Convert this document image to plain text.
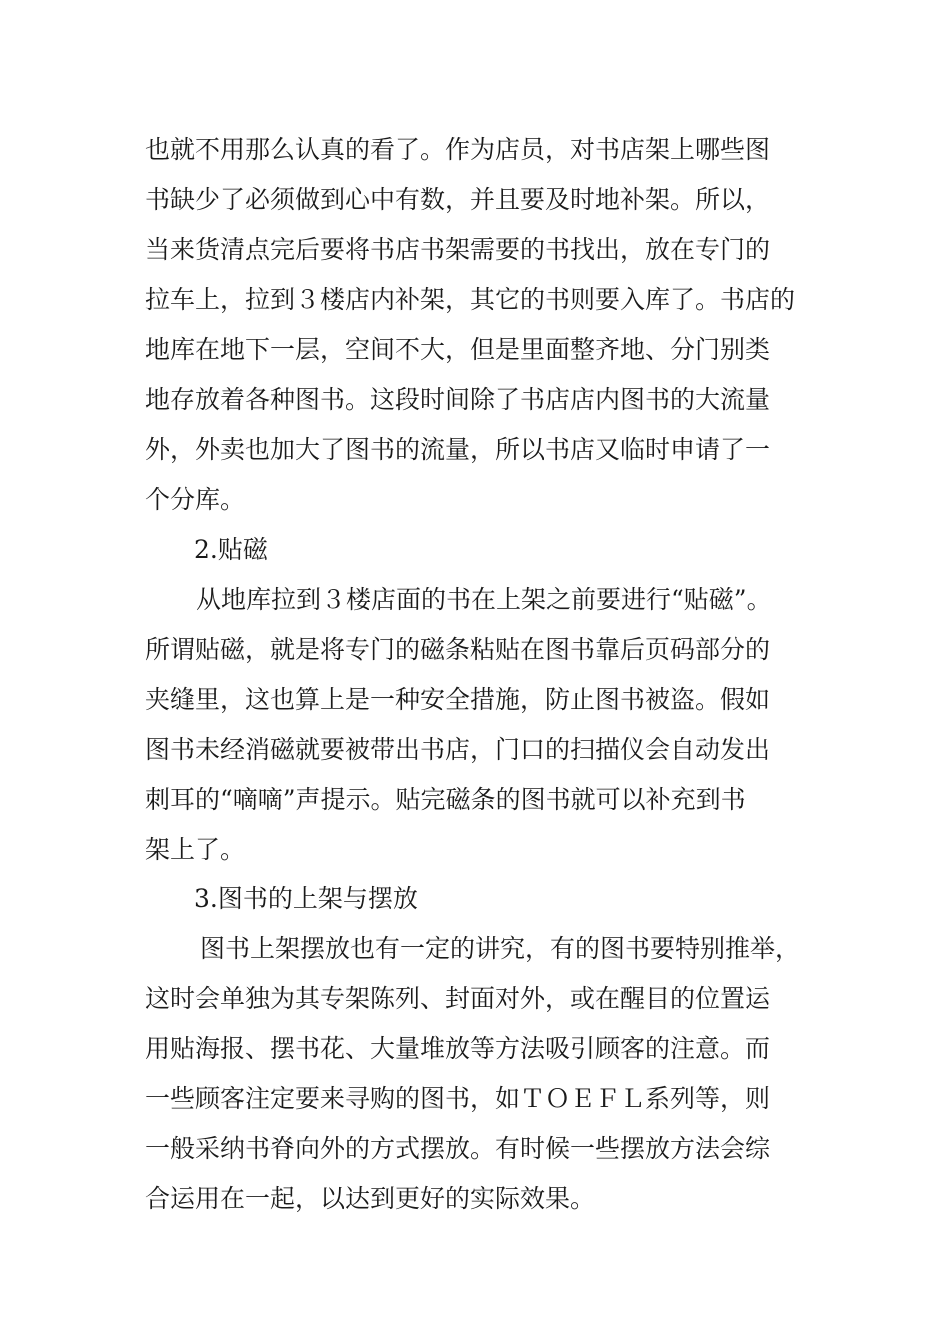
也就不用那么认真的看了。作为店员，对书店架上哪些图
书缺少了必须做到心中有数，并且要及时地补架。所以，
当来货清点完后要将书店书架需要的书找出，放在专门的
拉车上，拉到３楼店内补架，其它的书则要入库了。书店的
地库在地下一层，空间不大，但是里面整齐地、分门别类
地存放着各种图书。这段时间除了书店店内图书的大流量
外，外卖也加大了图书的流量，所以书店又临时申请了一
个分库。
2.贴磁
从地库拉到３楼店面的书在上架之前要进行“贴磁”。
所谓贴磁，就是将专门的磁条粘贴在图书靠后页码部分的
夹缝里，这也算上是一种安全措施，防止图书被盗。假如
图书未经消磁就要被带出书店，门口的扫描仪会自动发出
刺耳的“嘀嘀”声提示。贴完磁条的图书就可以补充到书
架上了。
3.图书的上架与摆放
图书上架摆放也有一定的讲究，有的图书要特别推举，
这时会单独为其专架陈列、封面对外，或在醒目的位置运
用贴海报、摆书花、大量堆放等方法吸引顾客的注意。而
一些顾客注定要来寻购的图书，如ＴＯＥＦＬ系列等，则
一般采纳书脊向外的方式摆放。有时候一些摆放方法会综
合运用在一起，以达到更好的实际效果。
